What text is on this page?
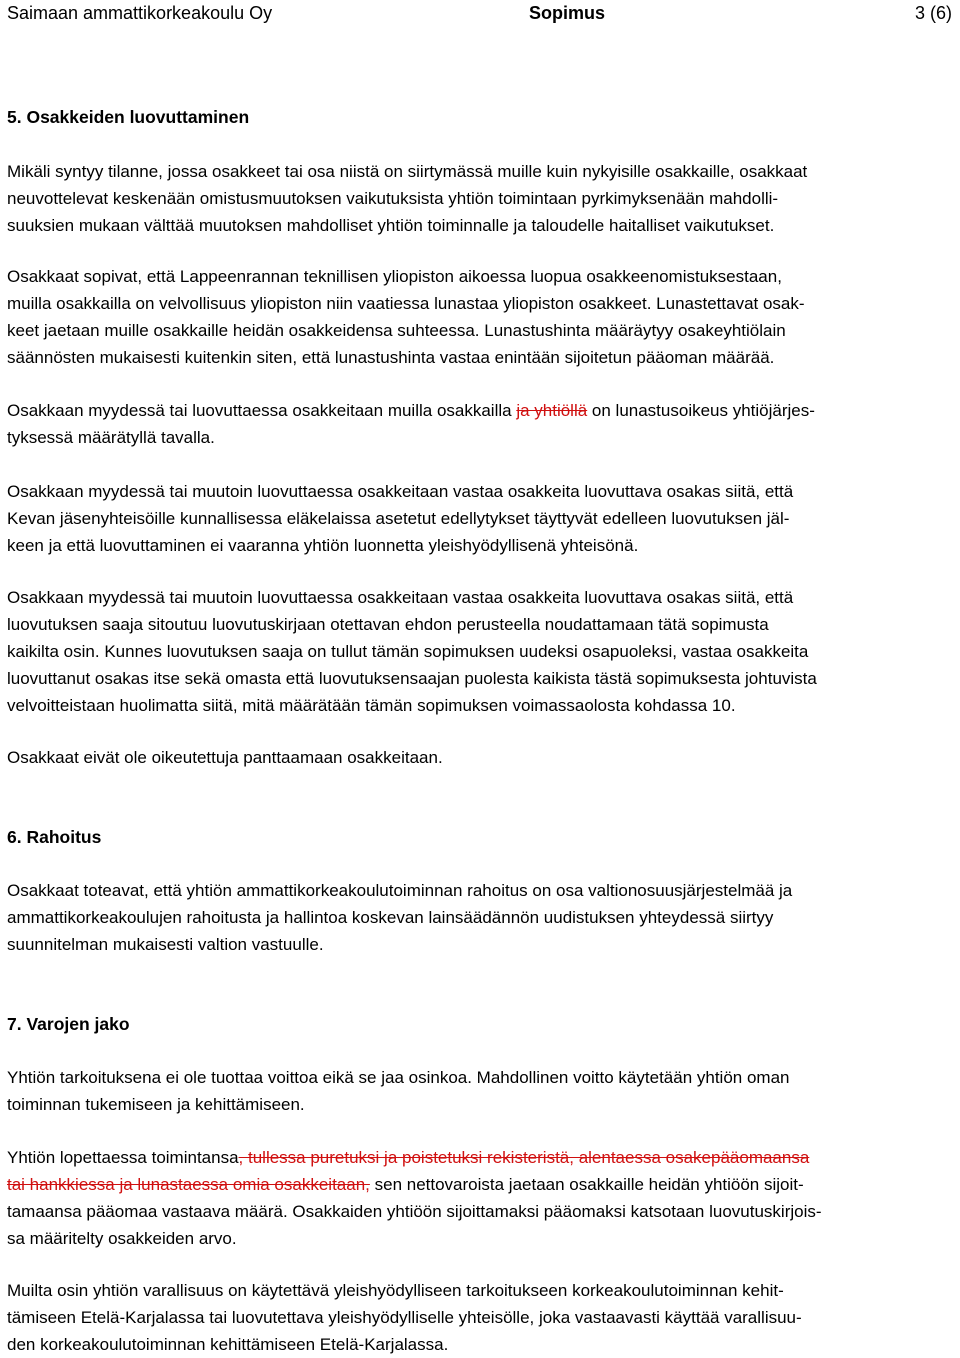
Saimaan ammattikorkeakoulu Oy	Sopimus	3 (6)
5. Osakkeiden luovuttaminen
Mikäli syntyy tilanne, jossa osakkeet tai osa niistä on siirtymässä muille kuin nykyisille osakkaille, osakkaat
neuvottelevat keskenään omistusmuutoksen vaikutuksista yhtiön toimintaan pyrkimyksenään mahdolli-
suuksien mukaan välttää muutoksen mahdolliset yhtiön toiminnalle ja taloudelle haitalliset vaikutukset.
Osakkaat sopivat, että Lappeenrannan teknillisen yliopiston aikoessa luopua osakkeenomistuksestaan,
muilla osakkailla on velvollisuus yliopiston niin vaatiessa lunastaa yliopiston osakkeet. Lunastettavat osak-
keet jaetaan muille osakkaille heidän osakkeidensa suhteessa. Lunastushinta määräytyy osakeyhtiölain
säännösten mukaisesti kuitenkin siten, että lunastushinta vastaa enintään sijoitetun pääoman määrää.
Osakkaan myydessä tai luovuttaessa osakkeitaan muilla osakkailla ja yhtiöllä on lunastusoikeus yhtiöjärjes-
tyksessä määrätyllä tavalla.
Osakkaan myydessä tai muutoin luovuttaessa osakkeitaan vastaa osakkeita luovuttava osakas siitä, että
Kevan jäsenyhteisöille kunnallisessa eläkelaissa asetetut edellytykset täyttyvät edelleen luovutuksen jäl-
keen ja että luovuttaminen ei vaaranna yhtiön luonnetta yleishyödyllisenä yhteisönä.
Osakkaan myydessä tai muutoin luovuttaessa osakkeitaan vastaa osakkeita luovuttava osakas siitä, että
luovutuksen saaja sitoutuu luovutuskirjaan otettavan ehdon perusteella noudattamaan tätä sopimusta
kaikilta osin. Kunnes luovutuksen saaja on tullut tämän sopimuksen uudeksi osapuoleksi, vastaa osakkeita
luovuttanut osakas itse sekä omasta että luovutuksensaajan puolesta kaikista tästä sopimuksesta johtuvista
velvoitteistaan huolimatta siitä, mitä määrätään tämän sopimuksen voimassaolosta kohdassa 10.
Osakkaat eivät ole oikeutettuja panttaamaan osakkeitaan.
6. Rahoitus
Osakkaat toteavat, että yhtiön ammattikorkeakoulutoiminnan rahoitus on osa valtionosuusjärjestelmää ja
ammattikorkeakoulujen rahoitusta ja hallintoa koskevan lainsäädännön uudistuksen yhteydessä siirtyy
suunnitelman mukaisesti valtion vastuulle.
7. Varojen jako
Yhtiön tarkoituksena ei ole tuottaa voittoa eikä se jaa osinkoa. Mahdollinen voitto käytetään yhtiön oman
toiminnan tukemiseen ja kehittämiseen.
Yhtiön lopettaessa toimintansa, tullessa puretuksi ja poistetuksi rekisteristä, alentaessa osakepääomaansa
tai hankkiessa ja lunastaessa omia osakkeitaan, sen nettovaroista jaetaan osakkaille heidän yhtiöön sijoit-
tamaansa pääomaa vastaava määrä. Osakkaiden yhtiöön sijoittamaksi pääomaksi katsotaan luovutuskirjois-
sa määritelty osakkeiden arvo.
Muilta osin yhtiön varallisuus on käytettävä yleishyödylliseen tarkoitukseen korkeakoulutoiminnan kehit-
tämiseen Etelä-Karjalassa tai luovutettava yleishyödylliselle yhteisölle, joka vastaavasti käyttää varallisuu-
den korkeakoulutoiminnan kehittämiseen Etelä-Karjalassa.
